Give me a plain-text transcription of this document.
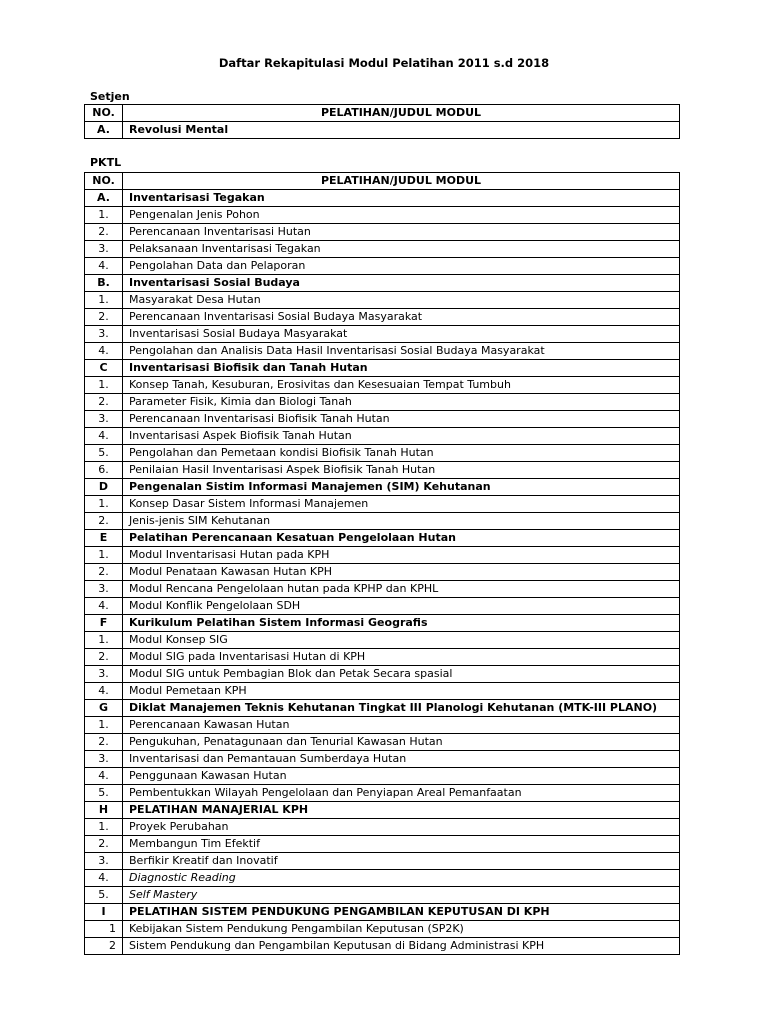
Daftar Rekapitulasi Modul Pelatihan 2011 s.d 2018
Setjen
NO.	PELATIHAN/JUDUL MODUL
A.	Revolusi Mental
PKTL
NO.	PELATIHAN/JUDUL MODUL
A.	Inventarisasi Tegakan
1.	Pengenalan Jenis Pohon
2.	Perencanaan Inventarisasi Hutan
3.	Pelaksanaan Inventarisasi Tegakan
4.	Pengolahan Data dan Pelaporan
B.	Inventarisasi Sosial Budaya
1.	Masyarakat Desa Hutan
2.	Perencanaan Inventarisasi Sosial Budaya Masyarakat
3.	Inventarisasi Sosial Budaya Masyarakat
4.	Pengolahan dan Analisis Data Hasil Inventarisasi Sosial Budaya Masyarakat
C	Inventarisasi Biofisik dan Tanah Hutan
1.	Konsep Tanah, Kesuburan, Erosivitas dan Kesesuaian Tempat Tumbuh
2.	Parameter Fisik, Kimia dan Biologi Tanah
3.	Perencanaan Inventarisasi Biofisik Tanah Hutan
4.	Inventarisasi Aspek Biofisik Tanah Hutan
5.	Pengolahan dan Pemetaan kondisi Biofisik Tanah Hutan
6.	Penilaian Hasil Inventarisasi Aspek Biofisik Tanah Hutan
D	Pengenalan Sistim Informasi Manajemen (SIM) Kehutanan
1.	Konsep Dasar Sistem Informasi Manajemen
2.	Jenis-jenis SIM Kehutanan
E	Pelatihan Perencanaan Kesatuan Pengelolaan Hutan
1.	Modul Inventarisasi Hutan pada KPH
2.	Modul Penataan Kawasan Hutan KPH
3.	Modul Rencana Pengelolaan hutan pada KPHP dan KPHL
4.	Modul Konflik Pengelolaan SDH
F	Kurikulum Pelatihan Sistem Informasi Geografis
1.	Modul Konsep SIG
2.	Modul SIG pada Inventarisasi Hutan di KPH
3.	Modul SIG untuk Pembagian Blok dan Petak Secara spasial
4.	Modul Pemetaan KPH
G	Diklat Manajemen Teknis Kehutanan Tingkat III Planologi Kehutanan (MTK-III PLANO)
1.	Perencanaan Kawasan Hutan
2.	Pengukuhan, Penatagunaan dan Tenurial Kawasan Hutan
3.	Inventarisasi dan Pemantauan Sumberdaya Hutan
4.	Penggunaan Kawasan Hutan
5.	Pembentukkan Wilayah Pengelolaan dan Penyiapan Areal Pemanfaatan
H	PELATIHAN MANAJERIAL KPH
1.	Proyek Perubahan
2.	Membangun Tim Efektif
3.	Berfikir Kreatif dan Inovatif
4.	Diagnostic Reading
5.	Self Mastery
I	PELATIHAN SISTEM PENDUKUNG PENGAMBILAN KEPUTUSAN DI KPH
1	Kebijakan Sistem Pendukung Pengambilan Keputusan (SP2K)
2	Sistem Pendukung dan Pengambilan Keputusan di Bidang Administrasi KPH
